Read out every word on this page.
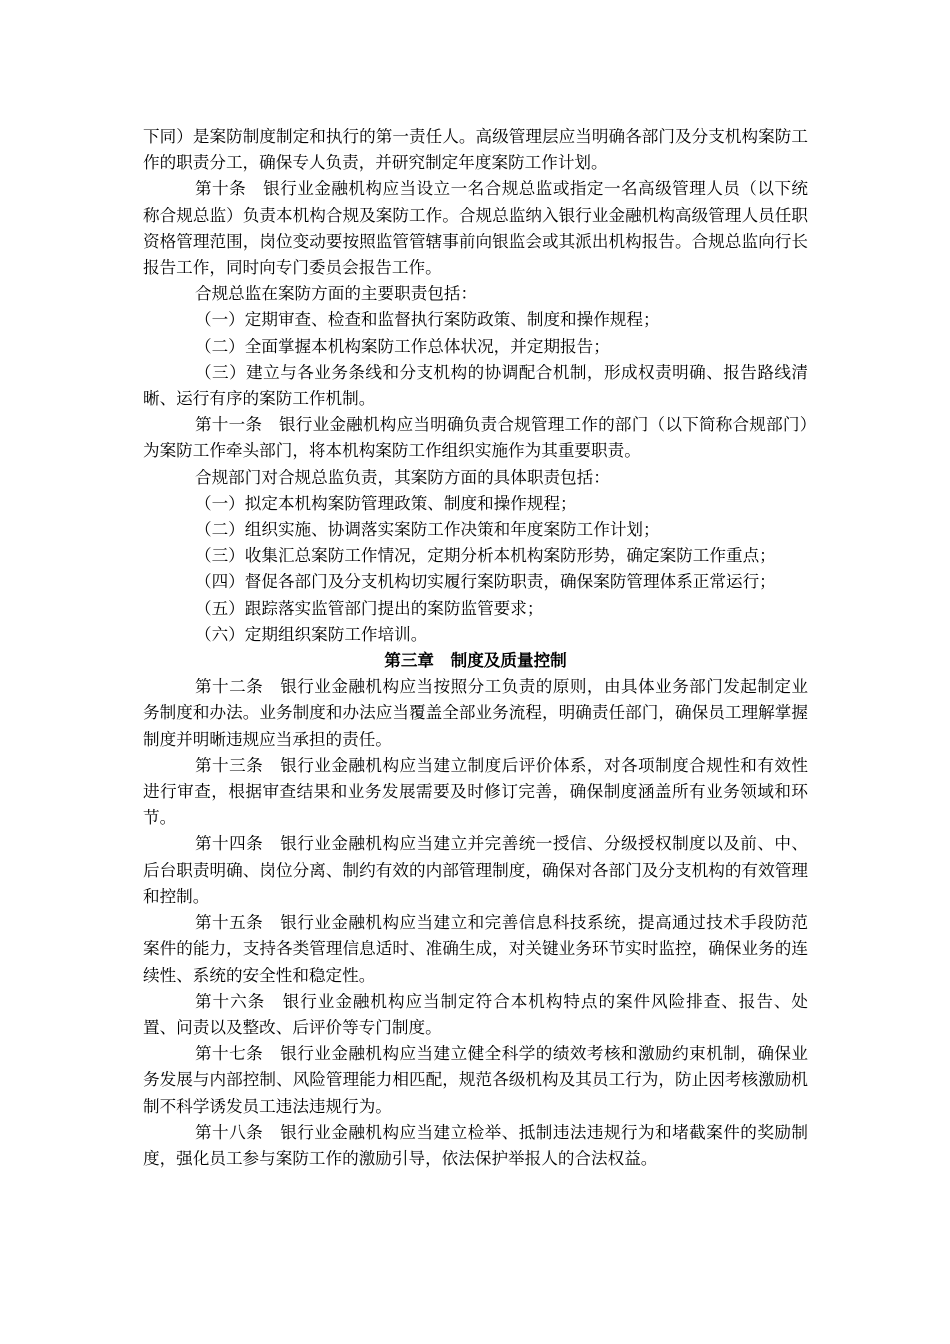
下同）是案防制度制定和执行的第一责任人。高级管理层应当明确各部门及分支机构案防工作的职责分工，确保专人负责，并研究制定年度案防工作计划。

第十条　银行业金融机构应当设立一名合规总监或指定一名高级管理人员（以下统称合规总监）负责本机构合规及案防工作。合规总监纳入银行业金融机构高级管理人员任职资格管理范围，岗位变动要按照监管管辖事前向银监会或其派出机构报告。合规总监向行长报告工作，同时向专门委员会报告工作。

合规总监在案防方面的主要职责包括：

（一）定期审查、检查和监督执行案防政策、制度和操作规程；

（二）全面掌握本机构案防工作总体状况，并定期报告；

（三）建立与各业务条线和分支机构的协调配合机制，形成权责明确、报告路线清晰、运行有序的案防工作机制。

第十一条　银行业金融机构应当明确负责合规管理工作的部门（以下简称合规部门）为案防工作牵头部门，将本机构案防工作组织实施作为其重要职责。

合规部门对合规总监负责，其案防方面的具体职责包括：

（一）拟定本机构案防管理政策、制度和操作规程；

（二）组织实施、协调落实案防工作决策和年度案防工作计划；

（三）收集汇总案防工作情况，定期分析本机构案防形势，确定案防工作重点；

（四）督促各部门及分支机构切实履行案防职责，确保案防管理体系正常运行；

（五）跟踪落实监管部门提出的案防监管要求；

（六）定期组织案防工作培训。

第三章　制度及质量控制

第十二条　银行业金融机构应当按照分工负责的原则，由具体业务部门发起制定业务制度和办法。业务制度和办法应当覆盖全部业务流程，明确责任部门，确保员工理解掌握制度并明晰违规应当承担的责任。

第十三条　银行业金融机构应当建立制度后评价体系，对各项制度合规性和有效性进行审查，根据审查结果和业务发展需要及时修订完善，确保制度涵盖所有业务领域和环节。

第十四条　银行业金融机构应当建立并完善统一授信、分级授权制度以及前、中、后台职责明确、岗位分离、制约有效的内部管理制度，确保对各部门及分支机构的有效管理和控制。

第十五条　银行业金融机构应当建立和完善信息科技系统，提高通过技术手段防范案件的能力，支持各类管理信息适时、准确生成，对关键业务环节实时监控，确保业务的连续性、系统的安全性和稳定性。

第十六条　银行业金融机构应当制定符合本机构特点的案件风险排查、报告、处置、问责以及整改、后评价等专门制度。

第十七条　银行业金融机构应当建立健全科学的绩效考核和激励约束机制，确保业务发展与内部控制、风险管理能力相匹配，规范各级机构及其员工行为，防止因考核激励机制不科学诱发员工违法违规行为。

第十八条　银行业金融机构应当建立检举、抵制违法违规行为和堵截案件的奖励制度，强化员工参与案防工作的激励引导，依法保护举报人的合法权益。
